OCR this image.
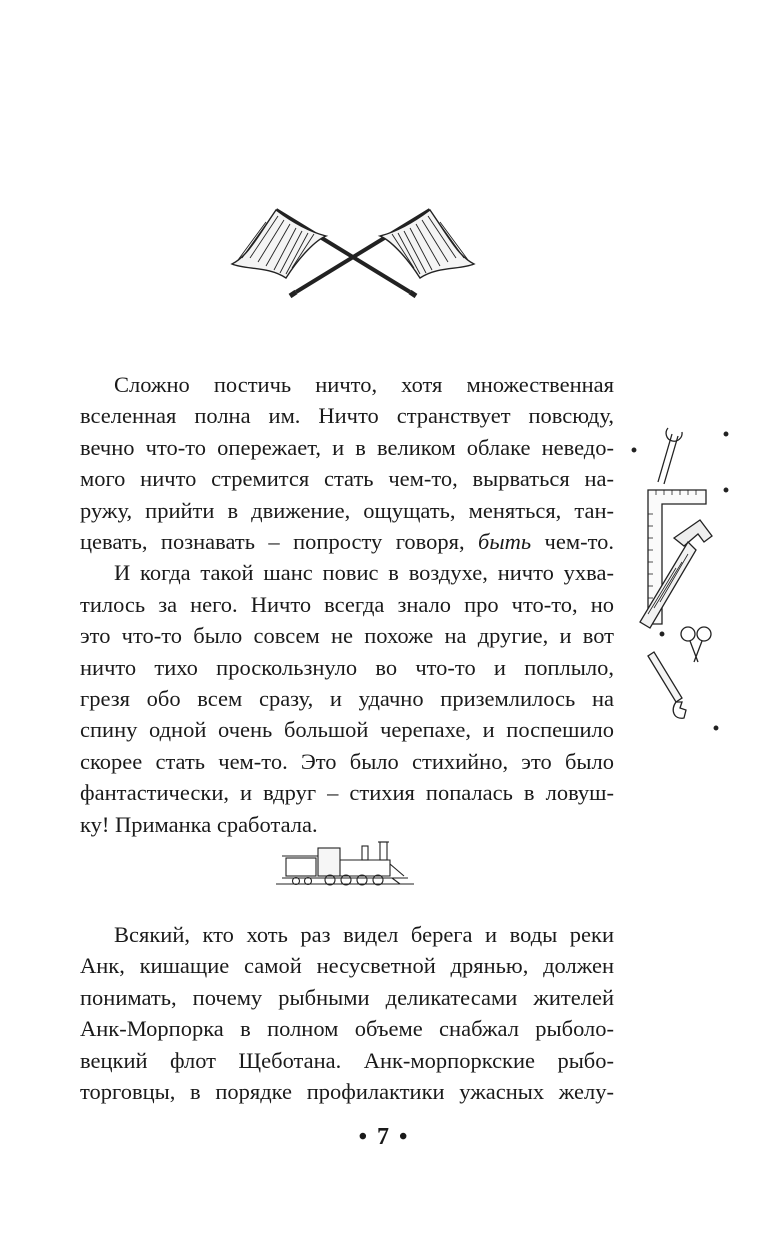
Сложно постичь ничто, хотя множественная
вселенная полна им. Ничто странствует повсюду,
вечно что-то опережает, и в великом облаке неведо-
мого ничто стремится стать чем-то, вырваться на-
ружу, прийти в движение, ощущать, меняться, тан-
цевать, познавать – попросту говоря, быть чем-то.
И когда такой шанс повис в воздухе, ничто ухва-
тилось за него. Ничто всегда знало про что-то, но
это что-то было совсем не похоже на другие, и вот
ничто тихо проскользнуло во что-то и поплыло,
грезя обо всем сразу, и удачно приземлилось на
спину одной очень большой черепахе, и поспешило
скорее стать чем-то. Это было стихийно, это было
фантастически, и вдруг – стихия попалась в ловуш-
ку! Приманка сработала.
Всякий, кто хоть раз видел берега и воды реки
Анк, кишащие самой несусветной дрянью, должен
понимать, почему рыбными деликатесами жителей
Анк-Морпорка в полном объеме снабжал рыболо-
вецкий флот Щеботана. Анк-морпоркские рыбо-
торговцы, в порядке профилактики ужасных желу-
• 7 •
